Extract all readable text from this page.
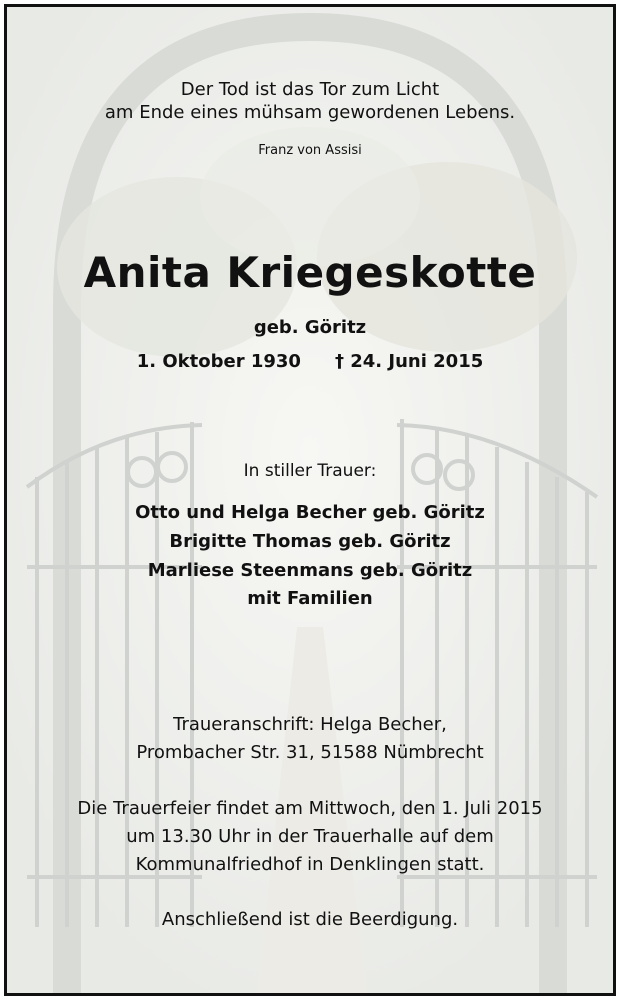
Der Tod ist das Tor zum Licht
am Ende eines mühsam gewordenen Lebens.
Franz von Assisi
Anita Kriegeskotte
geb. Göritz
1. Oktober 1930 † 24. Juni 2015
In stiller Trauer:
Otto und Helga Becher geb. Göritz
Brigitte Thomas geb. Göritz
Marliese Steenmans geb. Göritz
mit Familien
Traueranschrift: Helga Becher,
Prombacher Str. 31, 51588 Nümbrecht
Die Trauerfeier findet am Mittwoch, den 1. Juli 2015
um 13.30 Uhr in der Trauerhalle auf dem
Kommunalfriedhof in Denklingen statt.
Anschließend ist die Beerdigung.
